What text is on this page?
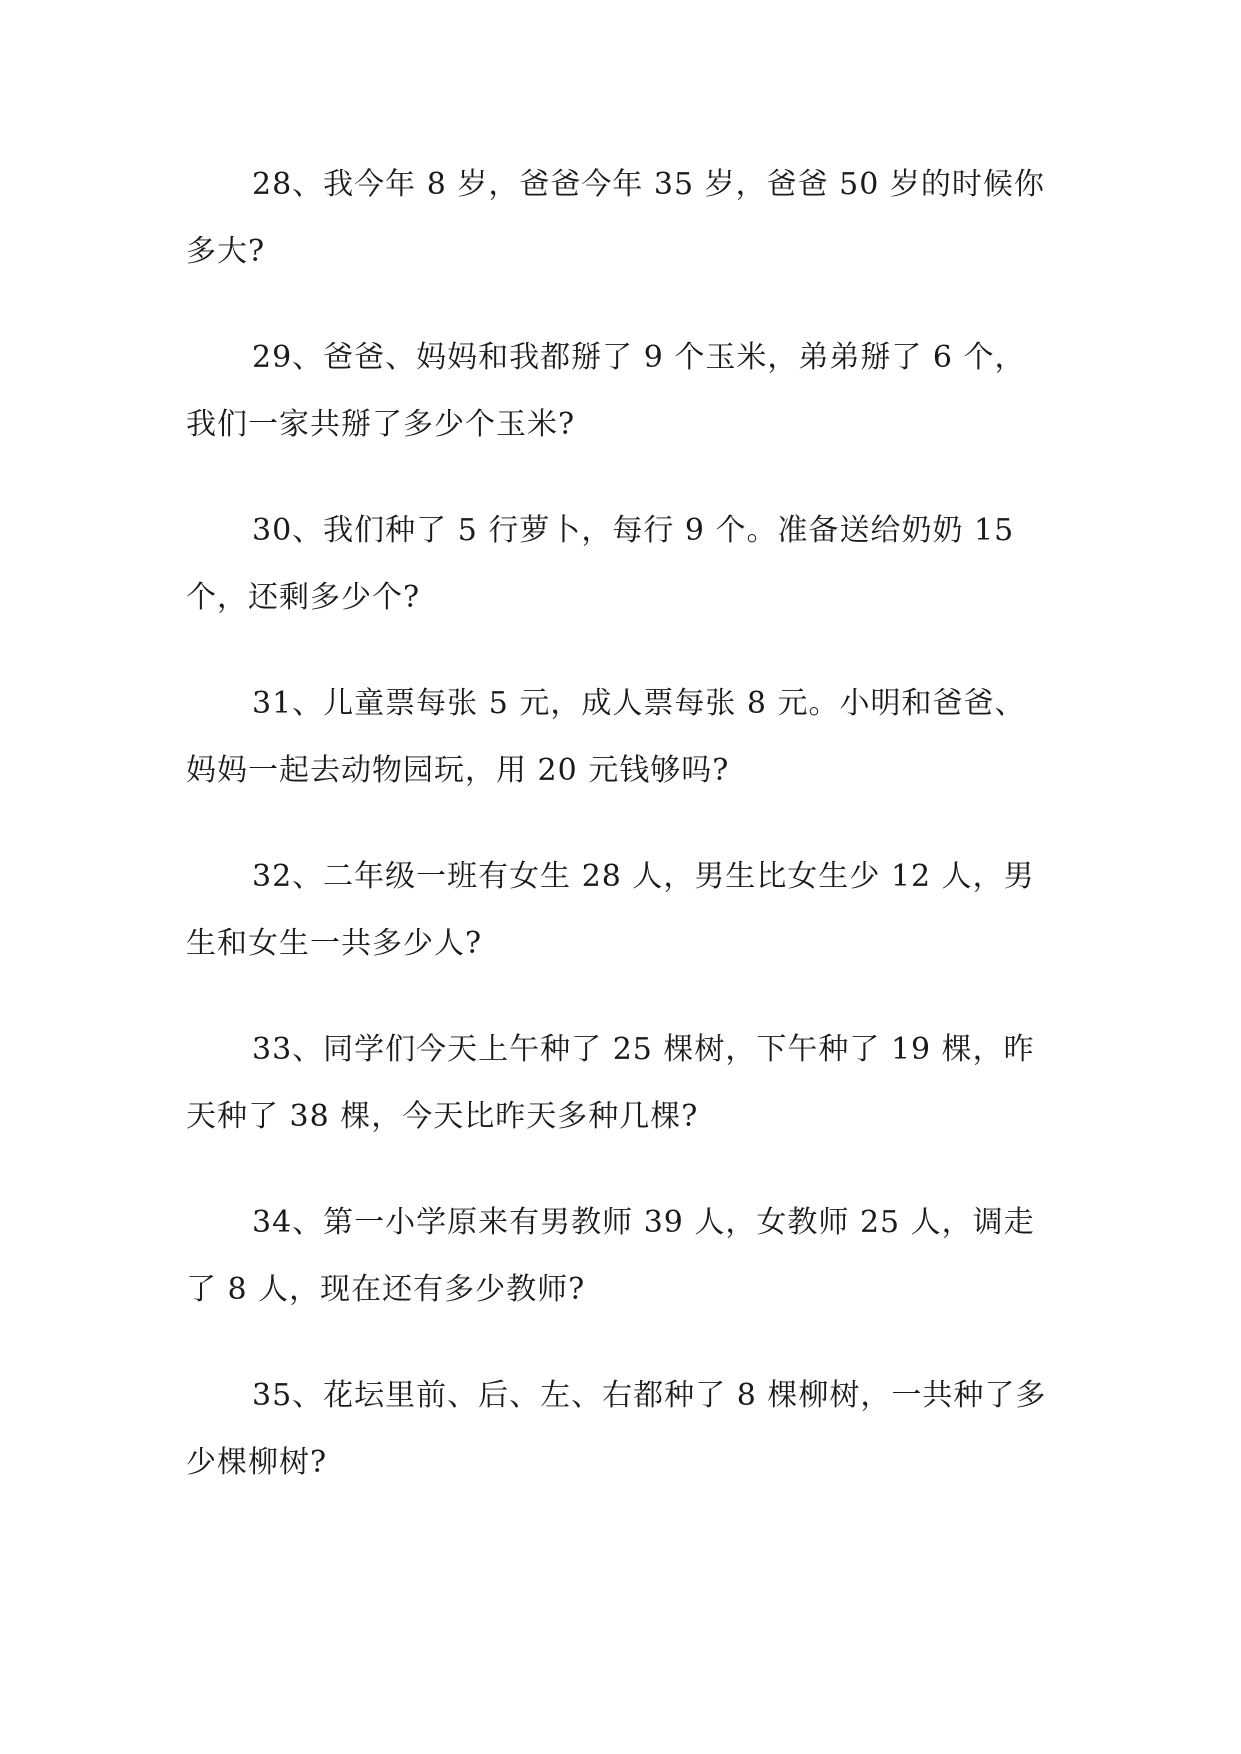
28、我今年 8 岁，爸爸今年 35 岁，爸爸 50 岁的时候你多大?

29、爸爸、妈妈和我都掰了 9 个玉米，弟弟掰了 6 个，我们一家共掰了多少个玉米?

30、我们种了 5 行萝卜，每行 9 个。准备送给奶奶 15 个，还剩多少个?

31、儿童票每张 5 元，成人票每张 8 元。小明和爸爸、妈妈一起去动物园玩，用 20 元钱够吗?

32、二年级一班有女生 28 人，男生比女生少 12 人，男生和女生一共多少人?

33、同学们今天上午种了 25 棵树，下午种了 19 棵，昨天种了 38 棵，今天比昨天多种几棵?

34、第一小学原来有男教师 39 人，女教师 25 人，调走了 8 人，现在还有多少教师?

35、花坛里前、后、左、右都种了 8 棵柳树，一共种了多少棵柳树?
